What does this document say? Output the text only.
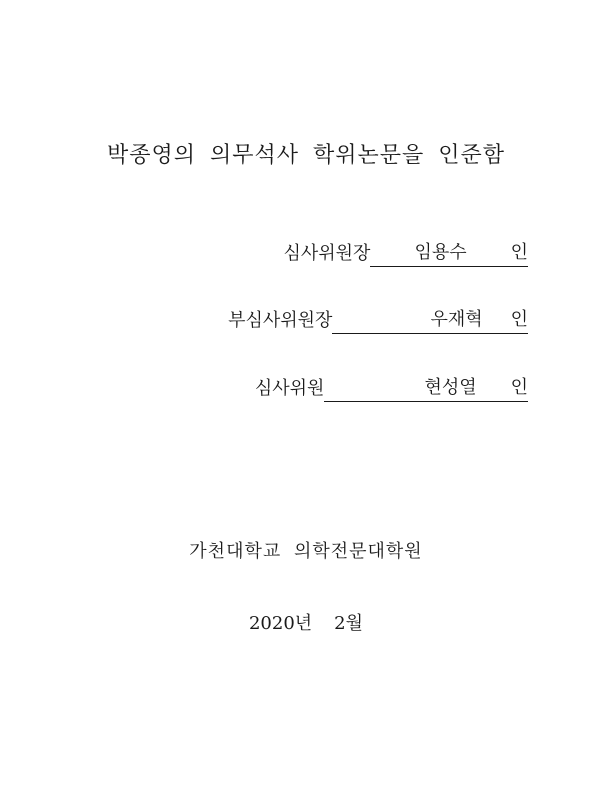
박종영의 의무석사 학위논문을 인준함
심사위원장 임용수 인
부심사위원장	우재혁 인
심사위원	현성열 인
가천대학교 의학전문대학원
2020년 2월
